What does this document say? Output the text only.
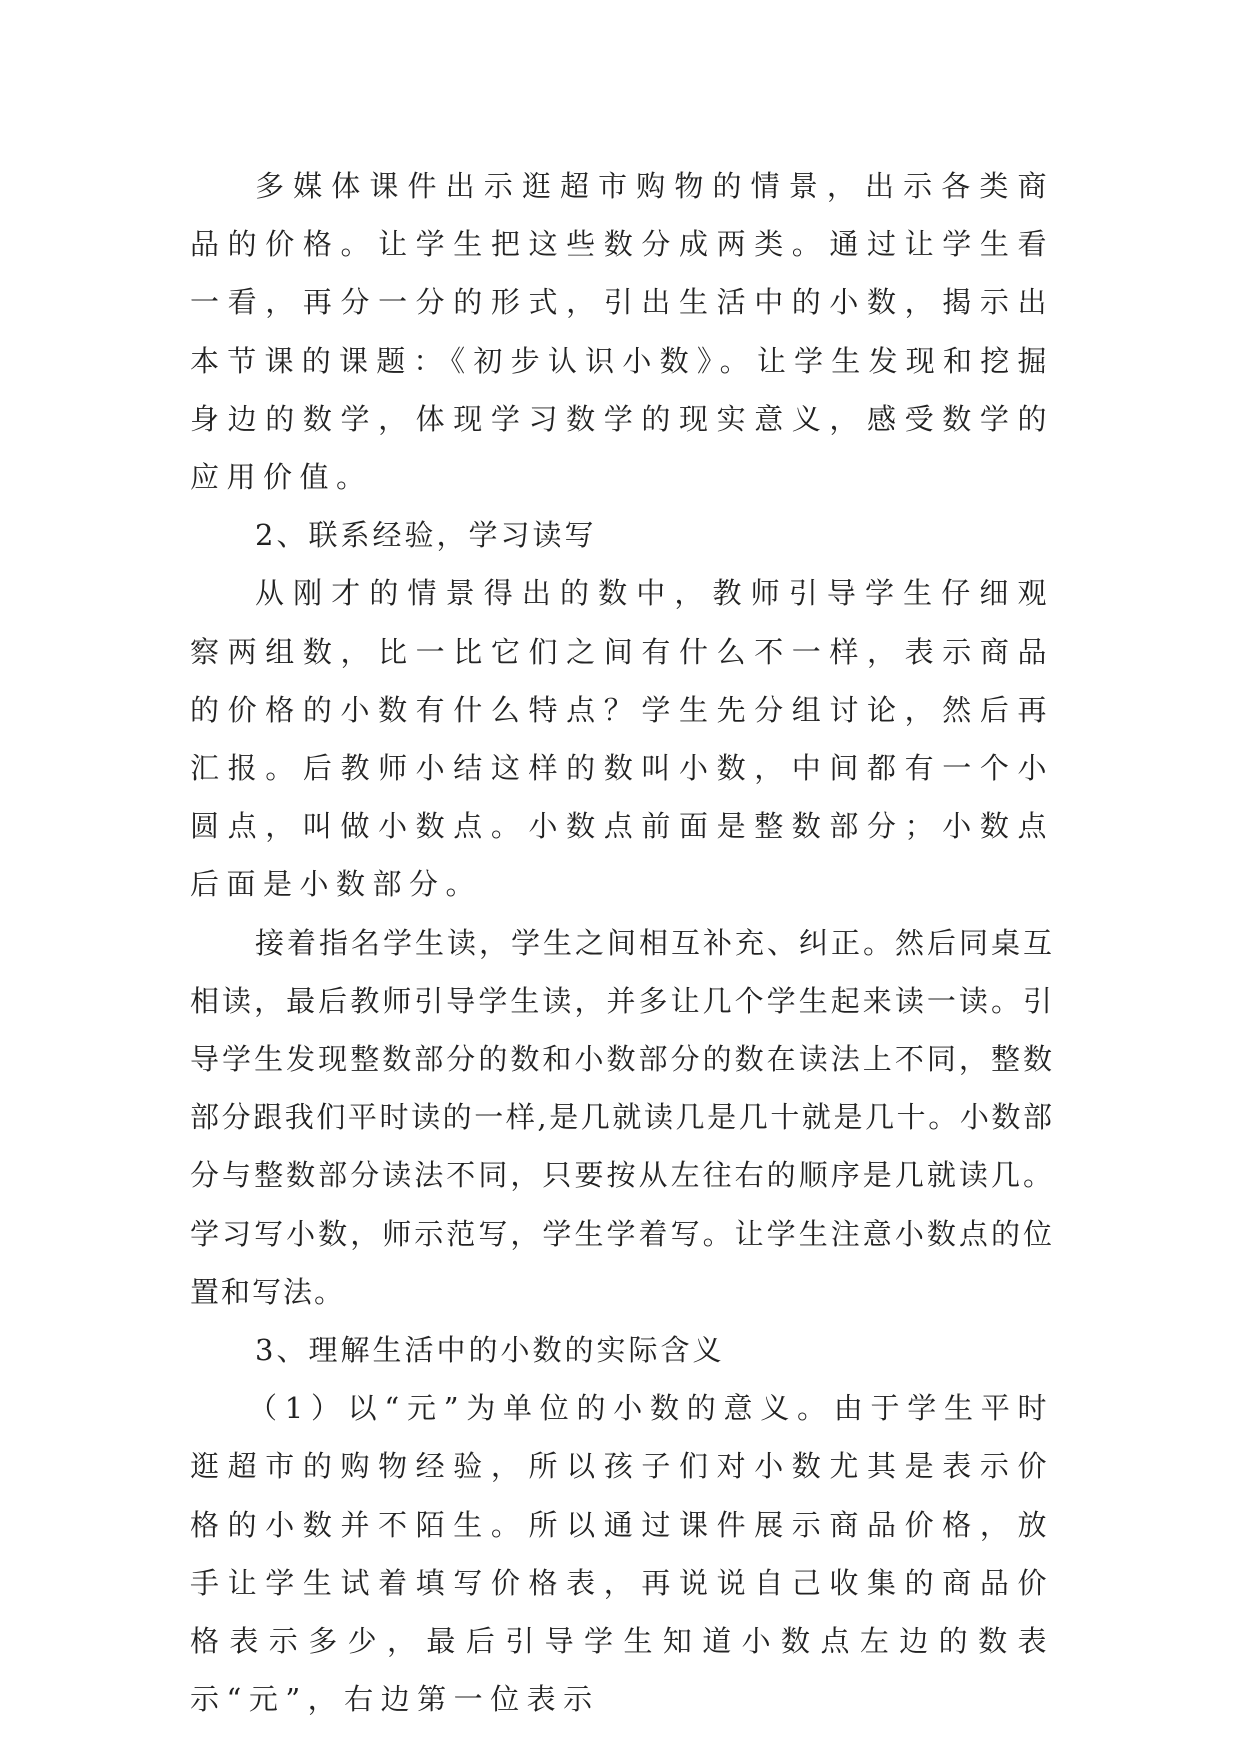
多媒体课件出示逛超市购物的情景，出示各类商品的价格。让学生把这些数分成两类。通过让学生看一看，再分一分的形式，引出生活中的小数，揭示出本节课的课题：《初步认识小数》。让学生发现和挖掘身边的数学，体现学习数学的现实意义，感受数学的应用价值。

2、联系经验，学习读写

从刚才的情景得出的数中，教师引导学生仔细观察两组数，比一比它们之间有什么不一样，表示商品的价格的小数有什么特点？学生先分组讨论，然后再汇报。后教师小结这样的数叫小数，中间都有一个小圆点，叫做小数点。小数点前面是整数部分；小数点后面是小数部分。

接着指名学生读，学生之间相互补充、纠正。然后同桌互相读，最后教师引导学生读，并多让几个学生起来读一读。引导学生发现整数部分的数和小数部分的数在读法上不同，整数部分跟我们平时读的一样,是几就读几是几十就是几十。小数部分与整数部分读法不同，只要按从左往右的顺序是几就读几。学习写小数，师示范写，学生学着写。让学生注意小数点的位置和写法。

3、理解生活中的小数的实际含义

（1）以“元”为单位的小数的意义。由于学生平时逛超市的购物经验，所以孩子们对小数尤其是表示价格的小数并不陌生。所以通过课件展示商品价格，放手让学生试着填写价格表，再说说自己收集的商品价格表示多少，最后引导学生知道小数点左边的数表示“元”，右边第一位表示
